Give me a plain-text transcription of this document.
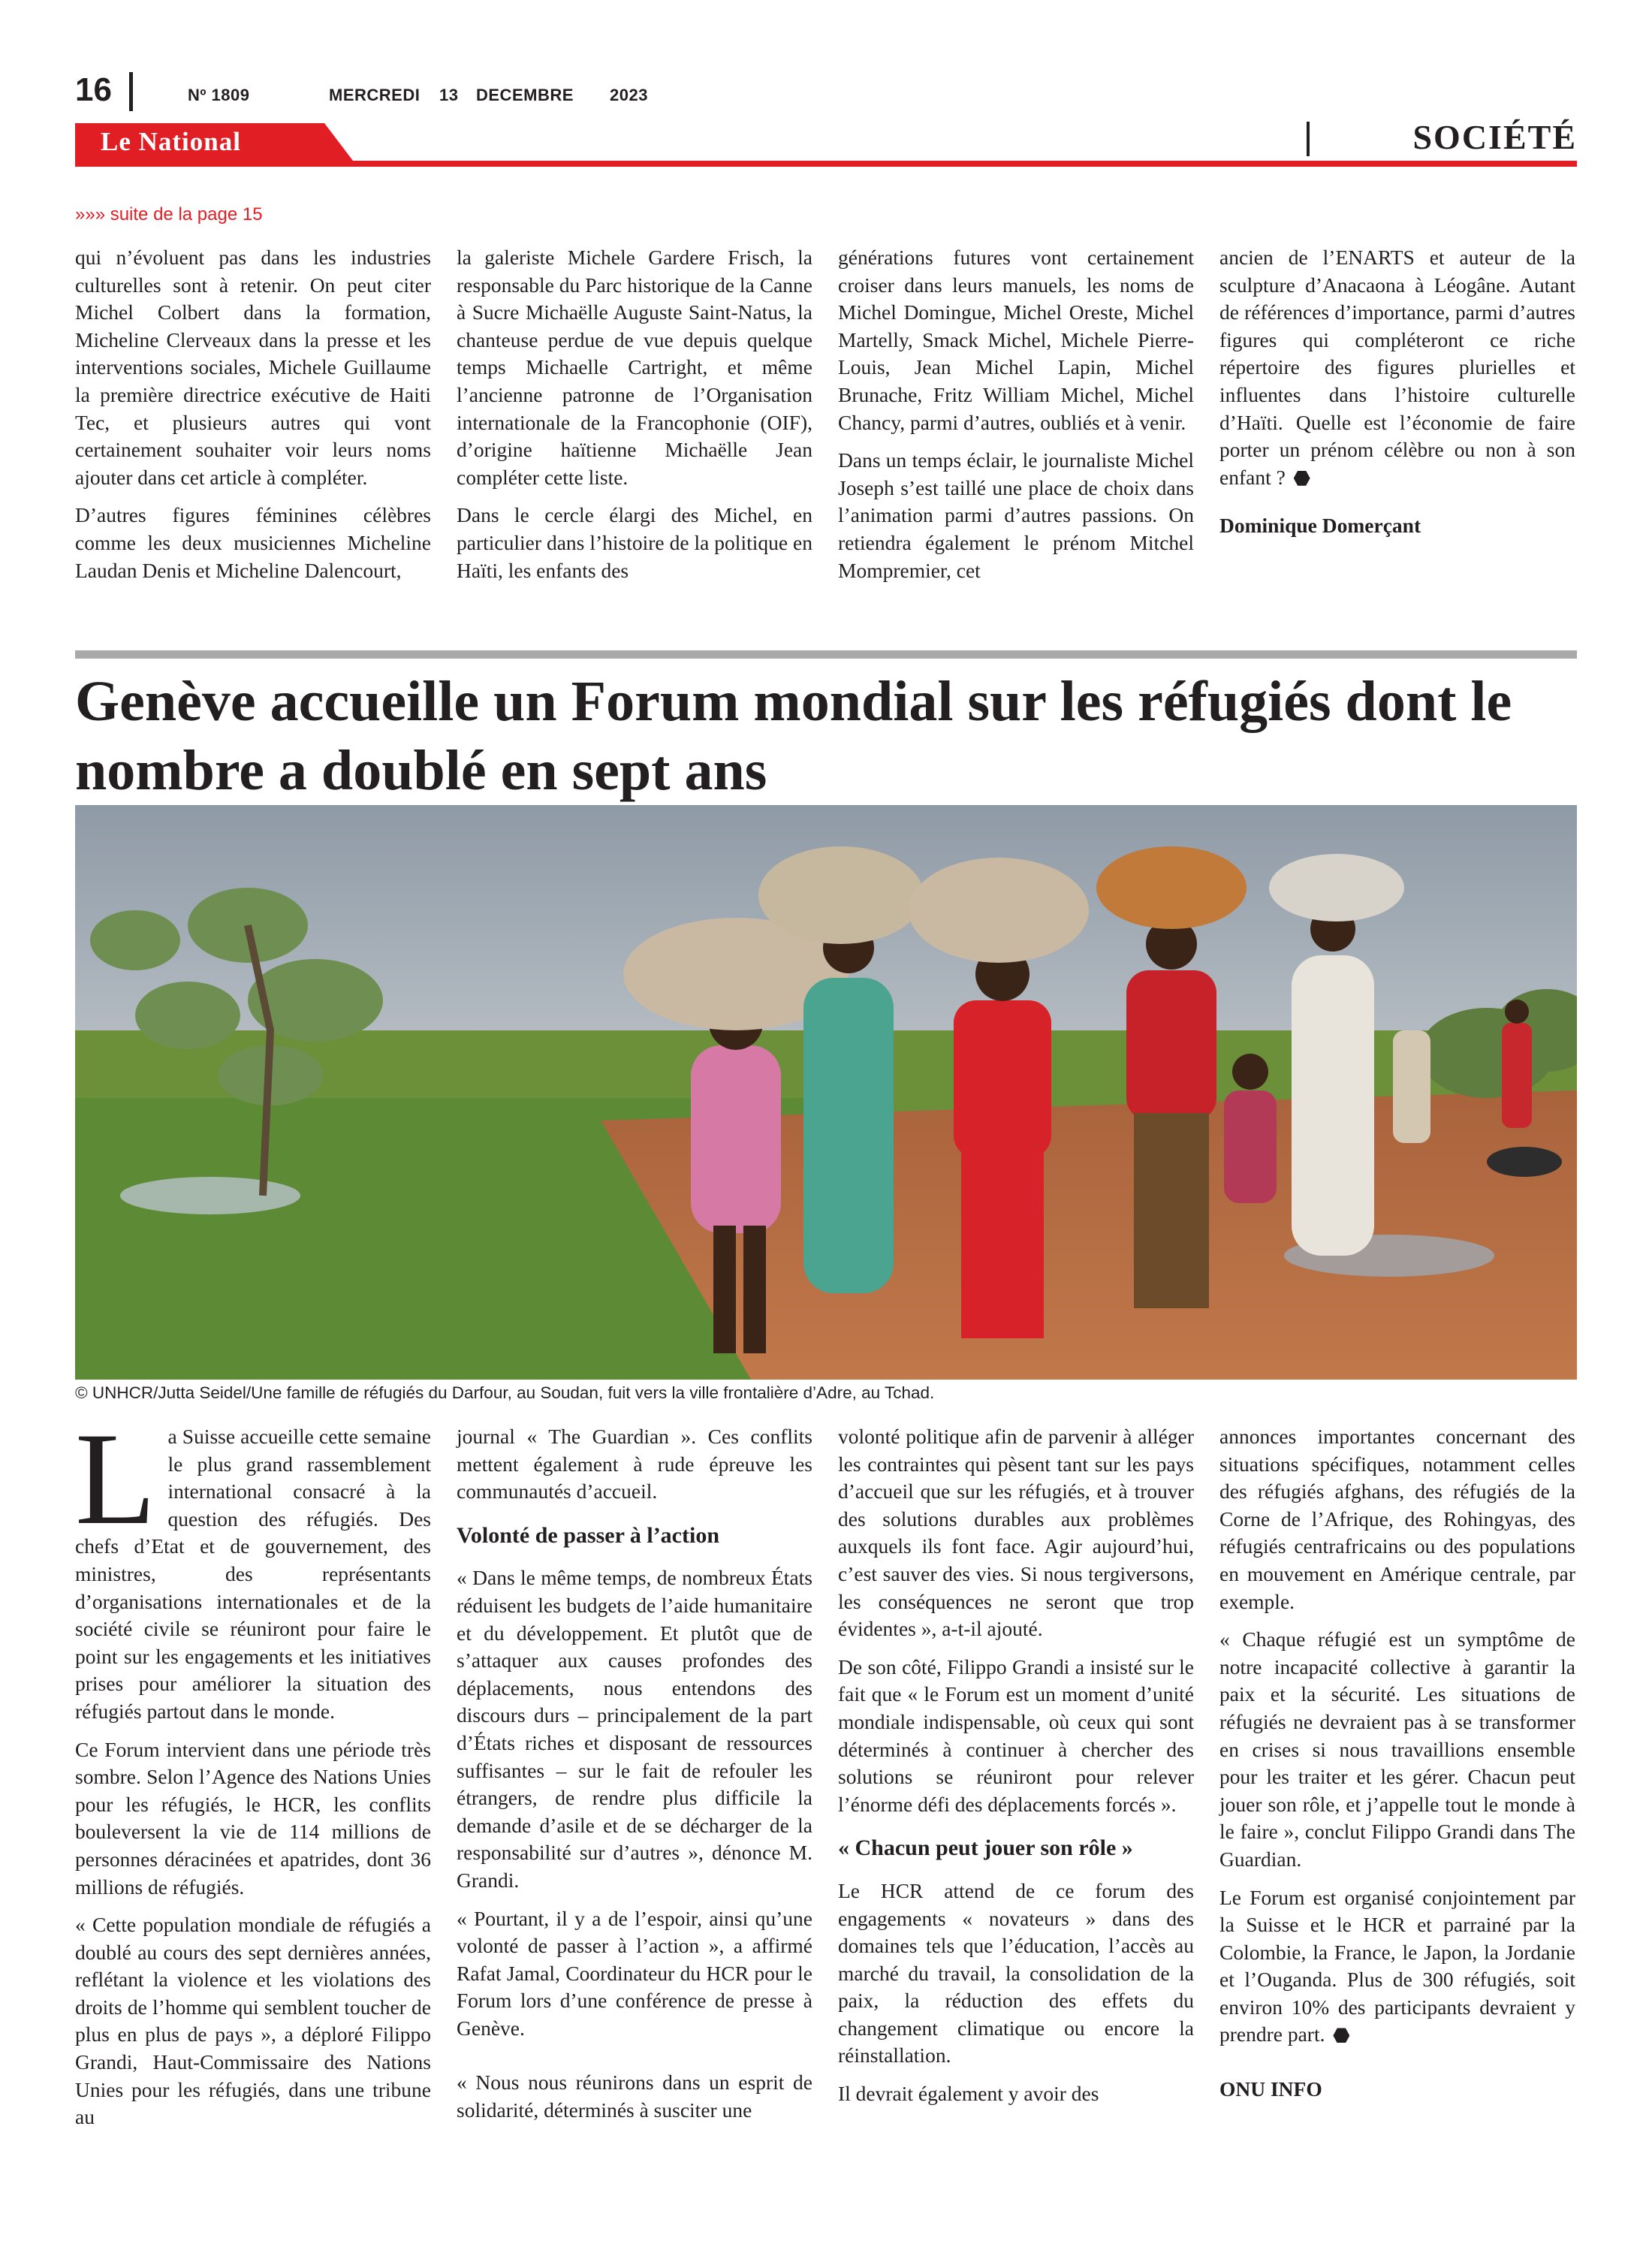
16	Nº 1809	MERCREDI 13 DECEMBRE 2023
Le National	SOCIÉTÉ
»»» suite de la page 15

qui n’évoluent pas dans les industries culturelles sont à retenir. On peut citer Michel Colbert dans la formation, Micheline Clerveaux dans la presse et les interventions sociales, Michele Guillaume la première directrice exécutive de Haiti Tec, et plusieurs autres qui vont certainement souhaiter voir leurs noms ajouter dans cet article à compléter.

D’autres figures féminines célèbres comme les deux musiciennes Micheline Laudan Denis et Micheline Dalencourt,

la galeriste Michele Gardere Frisch, la responsable du Parc historique de la Canne à Sucre Michaëlle Auguste Saint-Natus, la chanteuse perdue de vue depuis quelque temps Michaelle Cartright, et même l’ancienne patronne de l’Organisation internationale de la Francophonie (OIF), d’origine haïtienne Michaëlle Jean compléter cette liste.

Dans le cercle élargi des Michel, en particulier dans l’histoire de la politique en Haïti, les enfants des

générations futures vont certainement croiser dans leurs manuels, les noms de Michel Domingue, Michel Oreste, Michel Martelly, Smack Michel, Michele Pierre-Louis, Jean Michel Lapin, Michel Brunache, Fritz William Michel, Michel Chancy, parmi d’autres, oubliés et à venir.

Dans un temps éclair, le journaliste Michel Joseph s’est taillé une place de choix dans l’animation parmi d’autres passions. On retiendra également le prénom Mitchel Mompremier, cet

ancien de l’ENARTS et auteur de la sculpture d’Anacaona à Léogâne. Autant de références d’importance, parmi d’autres figures qui compléteront ce riche répertoire des figures plurielles et influentes dans l’histoire culturelle d’Haïti. Quelle est l’économie de faire porter un prénom célèbre ou non à son enfant ?

Dominique Domerçant

Genève accueille un Forum mondial sur les réfugiés dont le nombre a doublé en sept ans
© UNHCR/Jutta Seidel/Une famille de réfugiés du Darfour, au Soudan, fuit vers la ville frontalière d’Adre, au Tchad.

La Suisse accueille cette semaine le plus grand rassemblement international consacré à la question des réfugiés. Des chefs d’Etat et de gouvernement, des ministres, des représentants d’organisations internationales et de la société civile se réuniront pour faire le point sur les engagements et les initiatives prises pour améliorer la situation des réfugiés partout dans le monde.

Ce Forum intervient dans une période très sombre. Selon l’Agence des Nations Unies pour les réfugiés, le HCR, les conflits bouleversent la vie de 114 millions de personnes déracinées et apatrides, dont 36 millions de réfugiés.

« Cette population mondiale de réfugiés a doublé au cours des sept dernières années, reflétant la violence et les violations des droits de l’homme qui semblent toucher de plus en plus de pays », a déploré Filippo Grandi, Haut-Commissaire des Nations Unies pour les réfugiés, dans une tribune au

journal « The Guardian ». Ces conflits mettent également à rude épreuve les communautés d’accueil.

Volonté de passer à l’action

« Dans le même temps, de nombreux États réduisent les budgets de l’aide humanitaire et du développement. Et plutôt que de s’attaquer aux causes profondes des déplacements, nous entendons des discours durs – principalement de la part d’États riches et disposant de ressources suffisantes – sur le fait de refouler les étrangers, de rendre plus difficile la demande d’asile et de se décharger de la responsabilité sur d’autres », dénonce M. Grandi.

« Pourtant, il y a de l’espoir, ainsi qu’une volonté de passer à l’action », a affirmé Rafat Jamal, Coordinateur du HCR pour le Forum lors d’une conférence de presse à Genève.

« Nous nous réunirons dans un esprit de solidarité, déterminés à susciter une

volonté politique afin de parvenir à alléger les contraintes qui pèsent tant sur les pays d’accueil que sur les réfugiés, et à trouver des solutions durables aux problèmes auxquels ils font face. Agir aujourd’hui, c’est sauver des vies. Si nous tergiversons, les conséquences ne seront que trop évidentes », a-t-il ajouté.

De son côté, Filippo Grandi a insisté sur le fait que « le Forum est un moment d’unité mondiale indispensable, où ceux qui sont déterminés à continuer à chercher des solutions se réuniront pour relever l’énorme défi des déplacements forcés ».

« Chacun peut jouer son rôle »

Le HCR attend de ce forum des engagements « novateurs » dans des domaines tels que l’éducation, l’accès au marché du travail, la consolidation de la paix, la réduction des effets du changement climatique ou encore la réinstallation.

Il devrait également y avoir des

annonces importantes concernant des situations spécifiques, notamment celles des réfugiés afghans, des réfugiés de la Corne de l’Afrique, des Rohingyas, des réfugiés centrafricains ou des populations en mouvement en Amérique centrale, par exemple.

« Chaque réfugié est un symptôme de notre incapacité collective à garantir la paix et la sécurité. Les situations de réfugiés ne devraient pas à se transformer en crises si nous travaillions ensemble pour les traiter et les gérer. Chacun peut jouer son rôle, et j’appelle tout le monde à le faire », conclut Filippo Grandi dans The Guardian.

Le Forum est organisé conjointement par la Suisse et le HCR et parrainé par la Colombie, la France, le Japon, la Jordanie et l’Ouganda. Plus de 300 réfugiés, soit environ 10% des participants devraient y prendre part.

ONU INFO
